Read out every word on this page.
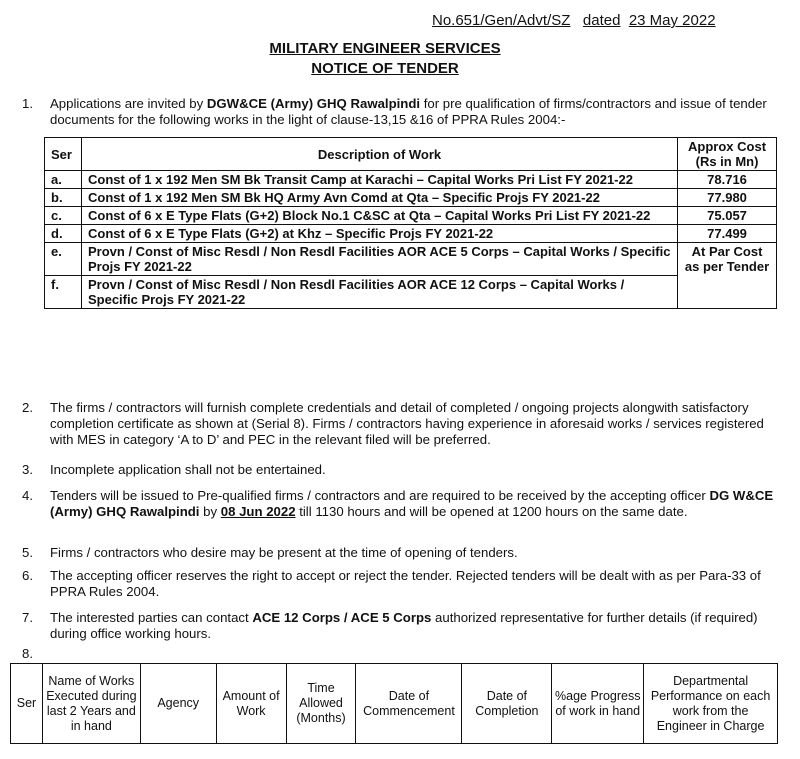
No.651/Gen/Advt/SZ dated 23 May 2022
MILITARY ENGINEER SERVICES
NOTICE OF TENDER
1. Applications are invited by DGW&CE (Army) GHQ Rawalpindi for pre qualification of firms/contractors and issue of tender documents for the following works in the light of clause-13,15 &16 of PPRA Rules 2004:-
Ser	Description of Work	Approx Cost (Rs in Mn)
a.	Const of 1 x 192 Men SM Bk Transit Camp at Karachi – Capital Works Pri List FY 2021-22	78.716
b.	Const of 1 x 192 Men SM Bk HQ Army Avn Comd at Qta – Specific Projs FY 2021-22	77.980
c.	Const of 6 x E Type Flats (G+2) Block No.1 C&SC at Qta – Capital Works Pri List FY 2021-22	75.057
d.	Const of 6 x E Type Flats (G+2) at Khz – Specific Projs FY 2021-22	77.499
e.	Provn / Const of Misc Resdl / Non Resdl Facilities AOR ACE 5 Corps – Capital Works / Specific Projs FY 2021-22	At Par Cost as per Tender
f.	Provn / Const of Misc Resdl / Non Resdl Facilities AOR ACE 12 Corps – Capital Works / Specific Projs FY 2021-22	
2. The firms / contractors will furnish complete credentials and detail of completed / ongoing projects alongwith satisfactory completion certificate as shown at (Serial 8). Firms / contractors having experience in aforesaid works / services registered with MES in category ‘A to D’ and PEC in the relevant filed will be preferred.
3. Incomplete application shall not be entertained.
4. Tenders will be issued to Pre-qualified firms / contractors and are required to be received by the accepting officer DG W&CE (Army) GHQ Rawalpindi by 08 Jun 2022 till 1130 hours and will be opened at 1200 hours on the same date.
5. Firms / contractors who desire may be present at the time of opening of tenders.
6. The accepting officer reserves the right to accept or reject the tender. Rejected tenders will be dealt with as per Para-33 of PPRA Rules 2004.
7. The interested parties can contact ACE 12 Corps / ACE 5 Corps authorized representative for further details (if required) during office working hours.
8.
Ser	Name of Works Executed during last 2 Years and in hand	Agency	Amount of Work	Time Allowed (Months)	Date of Commencement	Date of Completion	%age Progress of work in hand	Departmental Performance on each work from the Engineer in Charge
